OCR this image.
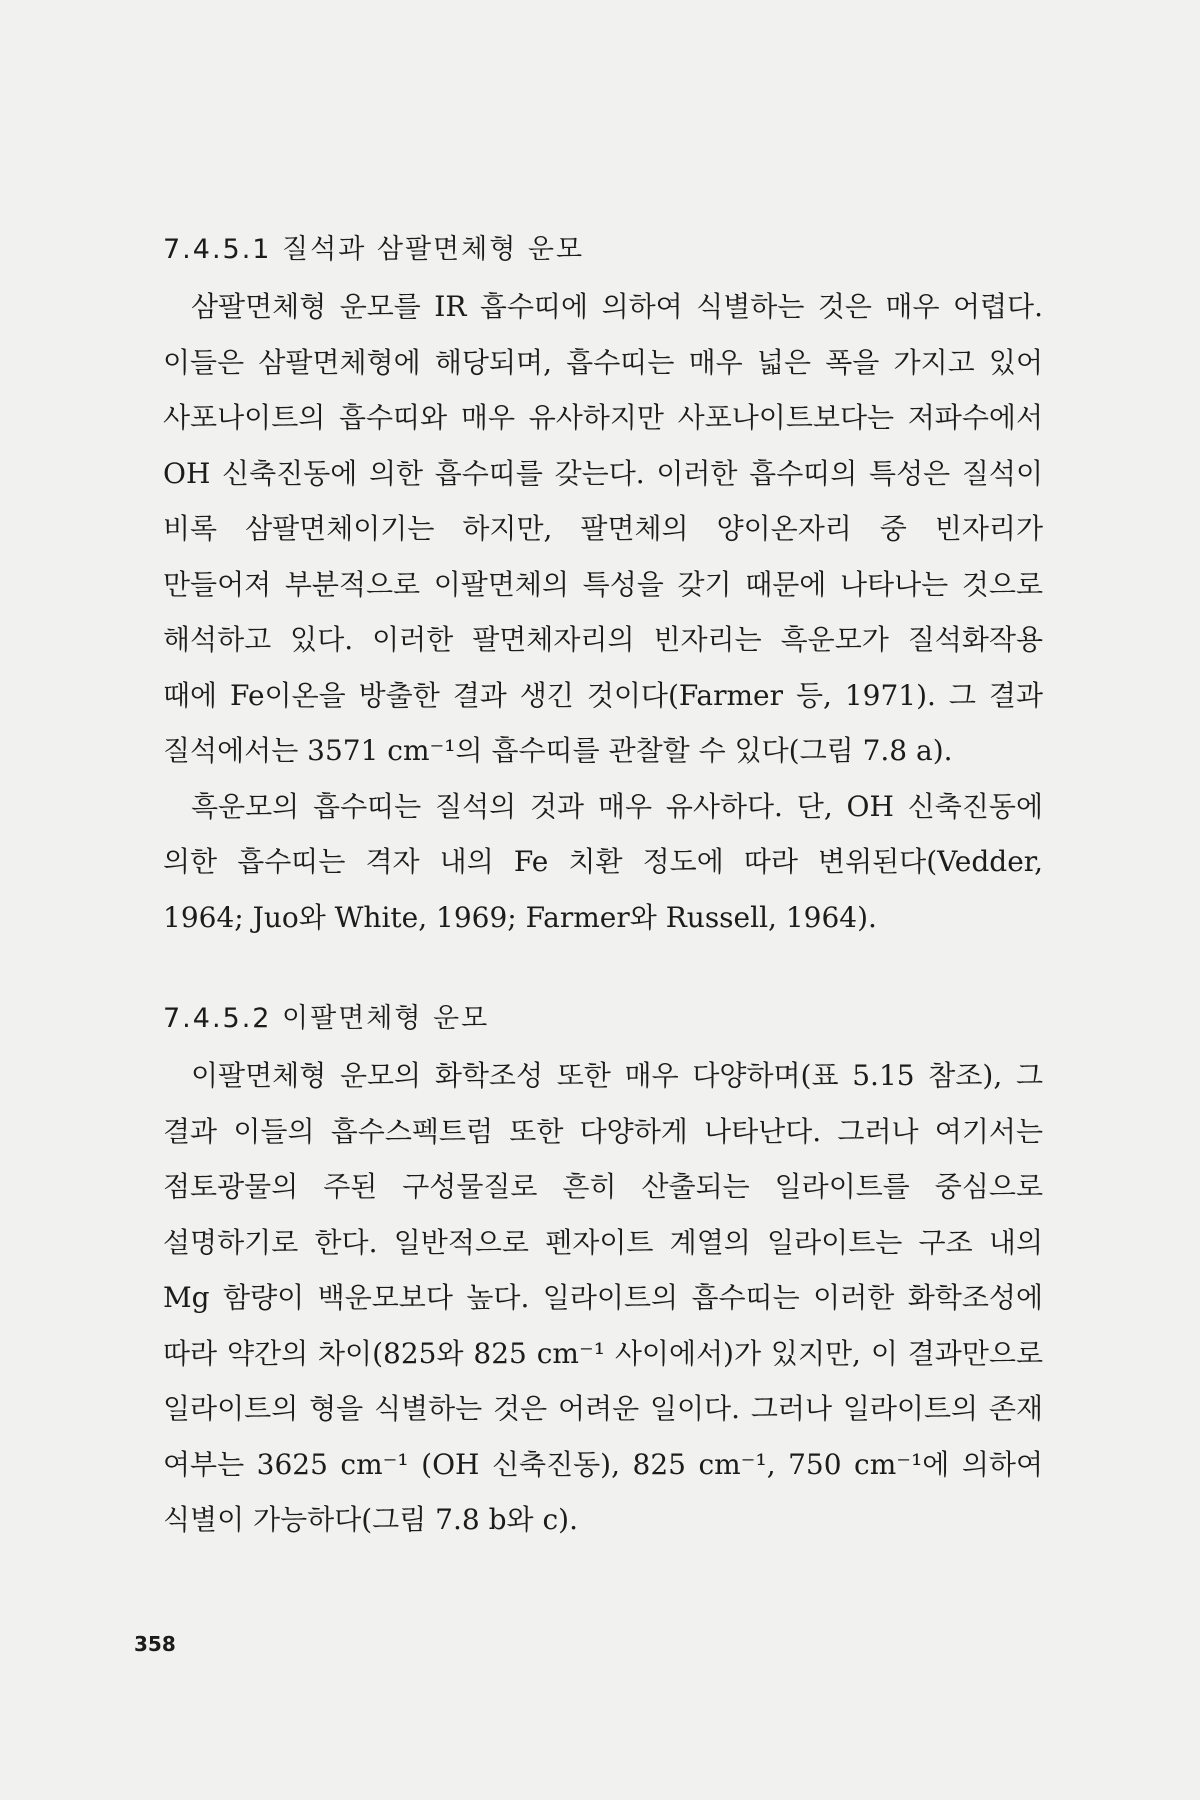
7.4.5.1 질석과 삼팔면체형 운모

삼팔면체형 운모를 IR 흡수띠에 의하여 식별하는 것은 매우 어렵다. 이들은 삼팔면체형에 해당되며, 흡수띠는 매우 넓은 폭을 가지고 있어 사포나이트의 흡수띠와 매우 유사하지만 사포나이트보다는 저파수에서 OH 신축진동에 의한 흡수띠를 갖는다. 이러한 흡수띠의 특성은 질석이 비록 삼팔면체이기는 하지만, 팔면체의 양이온자리 중 빈자리가 만들어져 부분적으로 이팔면체의 특성을 갖기 때문에 나타나는 것으로 해석하고 있다. 이러한 팔면체자리의 빈자리는 흑운모가 질석화작용 때에 Fe이온을 방출한 결과 생긴 것이다(Farmer 등, 1971). 그 결과 질석에서는 3571 cm⁻¹의 흡수띠를 관찰할 수 있다(그림 7.8 a).

흑운모의 흡수띠는 질석의 것과 매우 유사하다. 단, OH 신축진동에 의한 흡수띠는 격자 내의 Fe 치환 정도에 따라 변위된다(Vedder, 1964; Juo와 White, 1969; Farmer와 Russell, 1964).

7.4.5.2 이팔면체형 운모

이팔면체형 운모의 화학조성 또한 매우 다양하며(표 5.15 참조), 그 결과 이들의 흡수스펙트럼 또한 다양하게 나타난다. 그러나 여기서는 점토광물의 주된 구성물질로 흔히 산출되는 일라이트를 중심으로 설명하기로 한다. 일반적으로 펜자이트 계열의 일라이트는 구조 내의 Mg 함량이 백운모보다 높다. 일라이트의 흡수띠는 이러한 화학조성에 따라 약간의 차이(825와 825 cm⁻¹ 사이에서)가 있지만, 이 결과만으로 일라이트의 형을 식별하는 것은 어려운 일이다. 그러나 일라이트의 존재 여부는 3625 cm⁻¹ (OH 신축진동), 825 cm⁻¹, 750 cm⁻¹에 의하여 식별이 가능하다(그림 7.8 b와 c).

358
